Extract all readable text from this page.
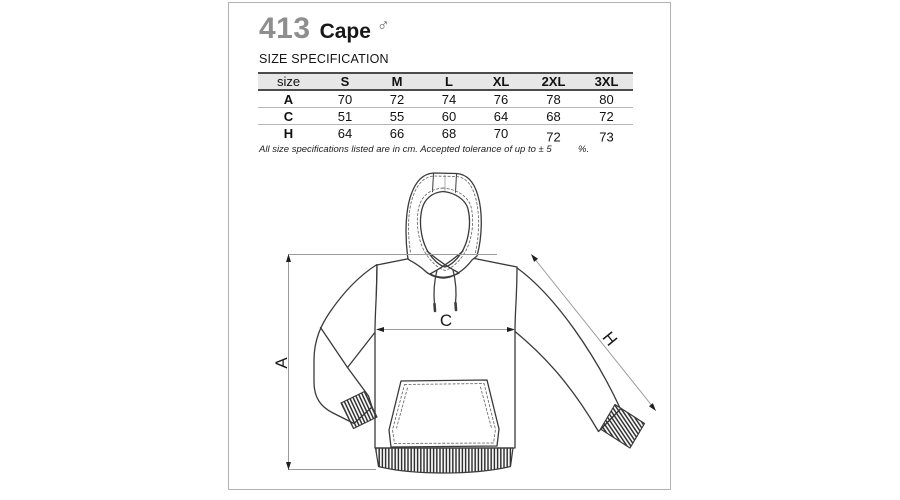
413 Cape ♂
SIZE SPECIFICATION
size	S	M	L	XL	2XL	3XL
A	70	72	74	76	78	80
C	51	55	60	64	68	72
H	64	66	68	70	72	73
All size specifications listed are in cm. Accepted tolerance of up to ± 5          %.
A
C
H
